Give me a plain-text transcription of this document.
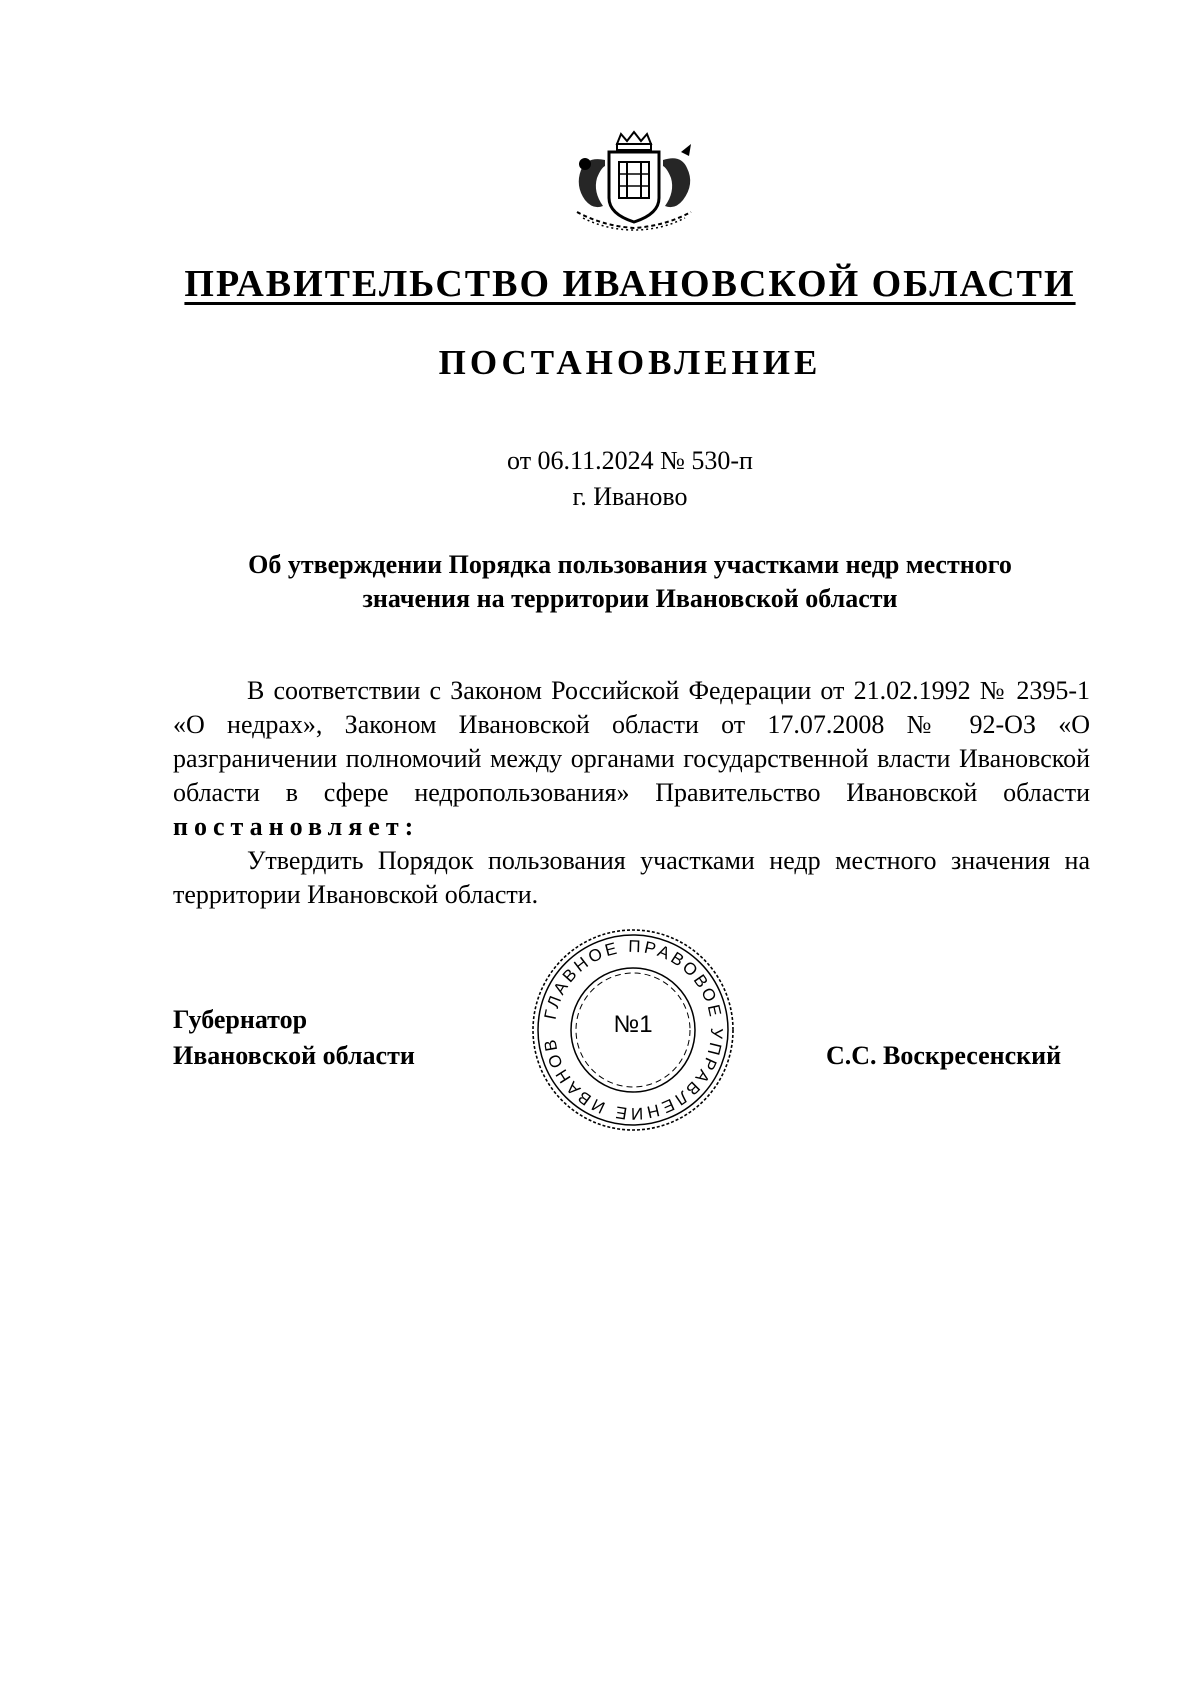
ПРАВИТЕЛЬСТВО ИВАНОВСКОЙ ОБЛАСТИ
ПОСТАНОВЛЕНИЕ
от 06.11.2024 № 530-п
г. Иваново
Об утверждении Порядка пользования участками недр местного
значения на территории Ивановской области

В соответствии с Законом Российской Федерации от 21.02.1992 № 2395-1 «О недрах», Законом Ивановской области от 17.07.2008 № 92-ОЗ «О разграничении полномочий между органами государственной власти Ивановской области в сфере недропользования» Правительство Ивановской области постановляет:

Утвердить Порядок пользования участками недр местного значения на территории Ивановской области.

Губернатор
Ивановской области	С.С. Воскресенский
ГЛАВНОЕ ПРАВОВОЕ УПРАВЛЕНИЕ ИВАНОВ
№1
